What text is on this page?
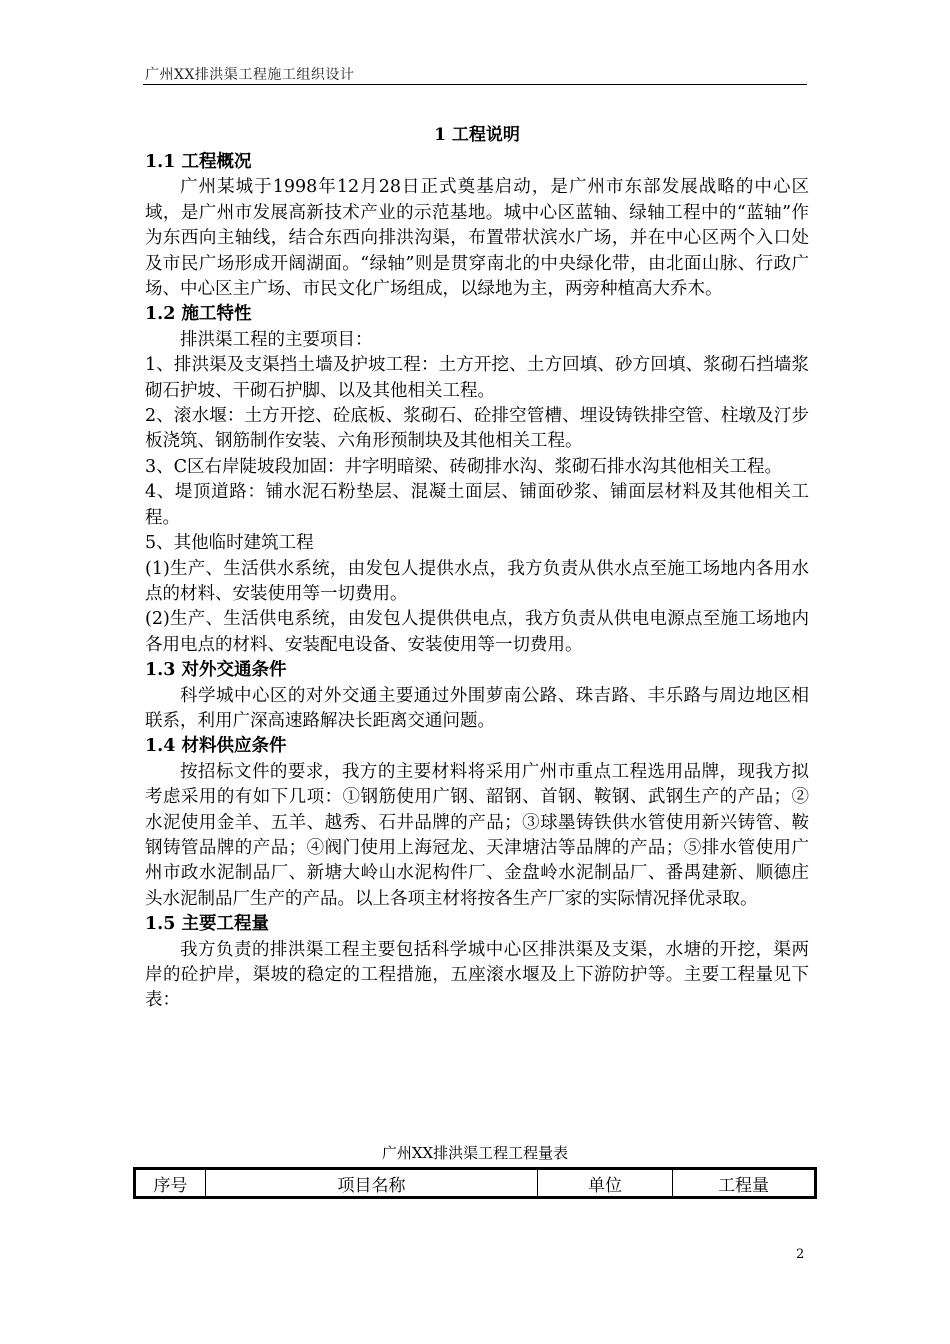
广州XX排洪渠工程施工组织设计
1 工程说明
1.1 工程概况
广州某城于1998年12月28日正式奠基启动，是广州市东部发展战略的中心区域，是广州市发展高新技术产业的示范基地。城中心区蓝轴、绿轴工程中的“蓝轴”作为东西向主轴线，结合东西向排洪沟渠，布置带状滨水广场，并在中心区两个入口处及市民广场形成开阔湖面。“绿轴”则是贯穿南北的中央绿化带，由北面山脉、行政广场、中心区主广场、市民文化广场组成，以绿地为主，两旁种植高大乔木。
1.2 施工特性
排洪渠工程的主要项目：
1、排洪渠及支渠挡土墙及护坡工程：土方开挖、土方回填、砂方回填、浆砌石挡墙浆砌石护坡、干砌石护脚、以及其他相关工程。
2、滚水堰：土方开挖、砼底板、浆砌石、砼排空管槽、埋设铸铁排空管、柱墩及汀步板浇筑、钢筋制作安装、六角形预制块及其他相关工程。
3、C区右岸陡坡段加固：井字明暗梁、砖砌排水沟、浆砌石排水沟其他相关工程。
4、堤顶道路：铺水泥石粉垫层、混凝土面层、铺面砂浆、铺面层材料及其他相关工程。
5、其他临时建筑工程
(1)生产、生活供水系统，由发包人提供水点，我方负责从供水点至施工场地内各用水点的材料、安装使用等一切费用。
(2)生产、生活供电系统，由发包人提供供电点，我方负责从供电电源点至施工场地内各用电点的材料、安装配电设备、安装使用等一切费用。
1.3 对外交通条件
科学城中心区的对外交通主要通过外围萝南公路、珠吉路、丰乐路与周边地区相联系，利用广深高速路解决长距离交通问题。
1.4 材料供应条件
按招标文件的要求，我方的主要材料将采用广州市重点工程选用品牌，现我方拟考虑采用的有如下几项：①钢筋使用广钢、韶钢、首钢、鞍钢、武钢生产的产品；②水泥使用金羊、五羊、越秀、石井品牌的产品；③球墨铸铁供水管使用新兴铸管、鞍钢铸管品牌的产品；④阀门使用上海冠龙、天津塘沽等品牌的产品；⑤排水管使用广州市政水泥制品厂、新塘大岭山水泥构件厂、金盘岭水泥制品厂、番禺建新、顺德庄头水泥制品厂生产的产品。以上各项主材将按各生产厂家的实际情况择优录取。
1.5 主要工程量
我方负责的排洪渠工程主要包括科学城中心区排洪渠及支渠，水塘的开挖，渠两岸的砼护岸，渠坡的稳定的工程措施，五座滚水堰及上下游防护等。主要工程量见下表：
广州XX排洪渠工程工程量表
序号	项目名称	单位	工程量
2
